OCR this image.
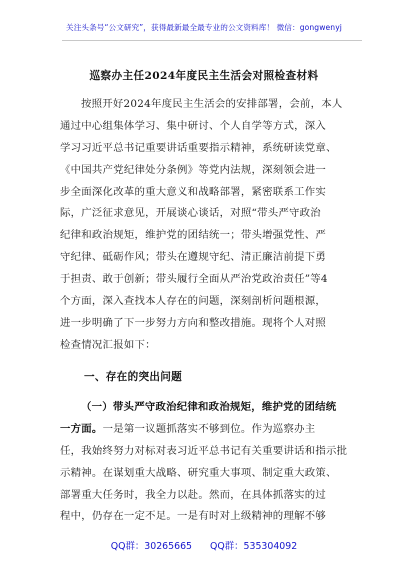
关注头条号“公文研究”，获得最新最全最专业的公文资料库！ 微信：gongwenyj
巡察办主任2024年度民主生活会对照检查材料
按照开好2024年度民主生活会的安排部署，会前，本人
通过中心组集体学习、集中研讨、个人自学等方式，深入
学习习近平总书记重要讲话重要指示精神，系统研读党章、
《中国共产党纪律处分条例》等党内法规，深刻领会进一
步全面深化改革的重大意义和战略部署，紧密联系工作实
际，广泛征求意见，开展谈心谈话，对照“带头严守政治
纪律和政治规矩，维护党的团结统一；带头增强党性、严
守纪律、砥砺作风；带头在遵规守纪、清正廉洁前提下勇
于担责、敢于创新；带头履行全面从严治党政治责任”等4
个方面，深入查找本人存在的问题，深刻剖析问题根源，
进一步明确了下一步努力方向和整改措施。现将个人对照
检查情况汇报如下：
一、存在的突出问题
（一）带头严守政治纪律和政治规矩，维护党的团结统
一方面。一是第一议题抓落实不够到位。作为巡察办主
任，我始终努力对标对表习近平总书记有关重要讲话和指示批
示精神。在谋划重大战略、研究重大事项、制定重大政策、
部署重大任务时，我全力以赴。然而，在具体抓落实的过
程中，仍存在一定不足。一是有时对上级精神的理解不够
QQ群：30265665 QQ群：535304092
